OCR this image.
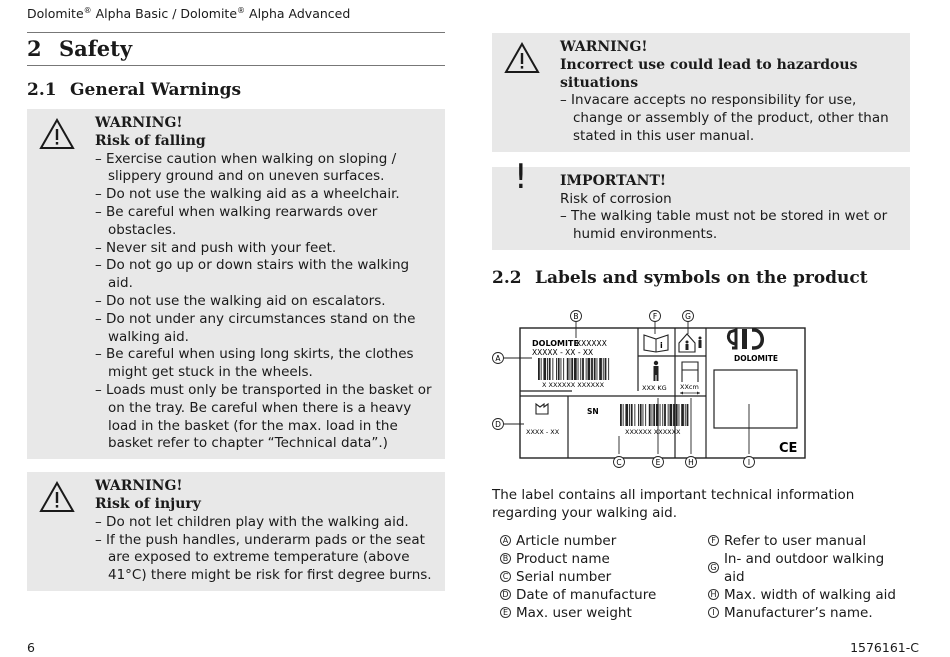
Dolomite® Alpha Basic / Dolomite® Alpha Advanced
2 Safety
2.1 General Warnings
WARNING!
Risk of falling
– Exercise caution when walking on sloping / slippery ground and on uneven surfaces.
– Do not use the walking aid as a wheelchair.
– Be careful when walking rearwards over obstacles.
– Never sit and push with your feet.
– Do not go up or down stairs with the walking aid.
– Do not use the walking aid on escalators.
– Do not under any circumstances stand on the walking aid.
– Be careful when using long skirts, the clothes might get stuck in the wheels.
– Loads must only be transported in the basket or on the tray. Be careful when there is a heavy load in the basket (for the max. load in the basket refer to chapter “Technical data”.)
WARNING!
Risk of injury
– Do not let children play with the walking aid.
– If the push handles, underarm pads or the seat are exposed to extreme temperature (above 41°C) there might be risk for first degree burns.
WARNING!
Incorrect use could lead to hazardous situations
– Invacare accepts no responsibility for use, change or assembly of the product, other than stated in this user manual.
! IMPORTANT!
Risk of corrosion
– The walking table must not be stored in wet or humid environments.
2.2 Labels and symbols on the product
DOLOMITE
XXXXXX
XXXXX - XX - XX
X XXXXXX XXXXXX
i
XXX KG XXcm
XXXX - XX
SN
XXXXXX XXXXXX
DOLOMITE
CE
B	F	G
A
D
C	E	H	I
The label contains all important technical information regarding your walking aid.
A Article number
B Product name
C Serial number
D Date of manufacture
E Max. user weight
F Refer to user manual
G
In- and outdoor walking aid
H Max. width of walking aid
I Manufacturer’s name.
6	1576161-C
